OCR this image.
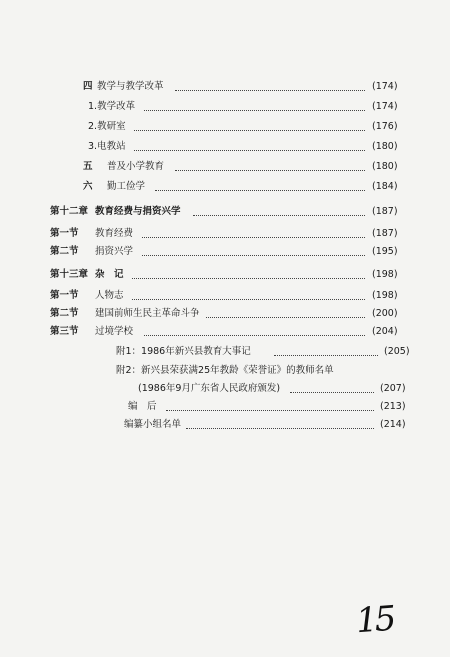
四 教学与教学改革	(174)
1.教学改革	(174)
2.教研室	(176)
3.电教站	(180)
五 普及小学教育	(180)
六 勤工俭学	(184)
第十二章 教育经费与捐资兴学	(187)
第一节 教育经费	(187)
第二节 捐资兴学	(195)
第十三章 杂　记	(198)
第一节 人物志	(198)
第二节 建国前师生民主革命斗争	(200)
第三节 过境学校	(204)
附1：1986年新兴县教育大事记	(205)
附2：新兴县荣获满25年教龄《荣誉证》的教师名单
(1986年9月广东省人民政府颁发)	(207)
编　后	(213)
编纂小组名单	(214)
15
